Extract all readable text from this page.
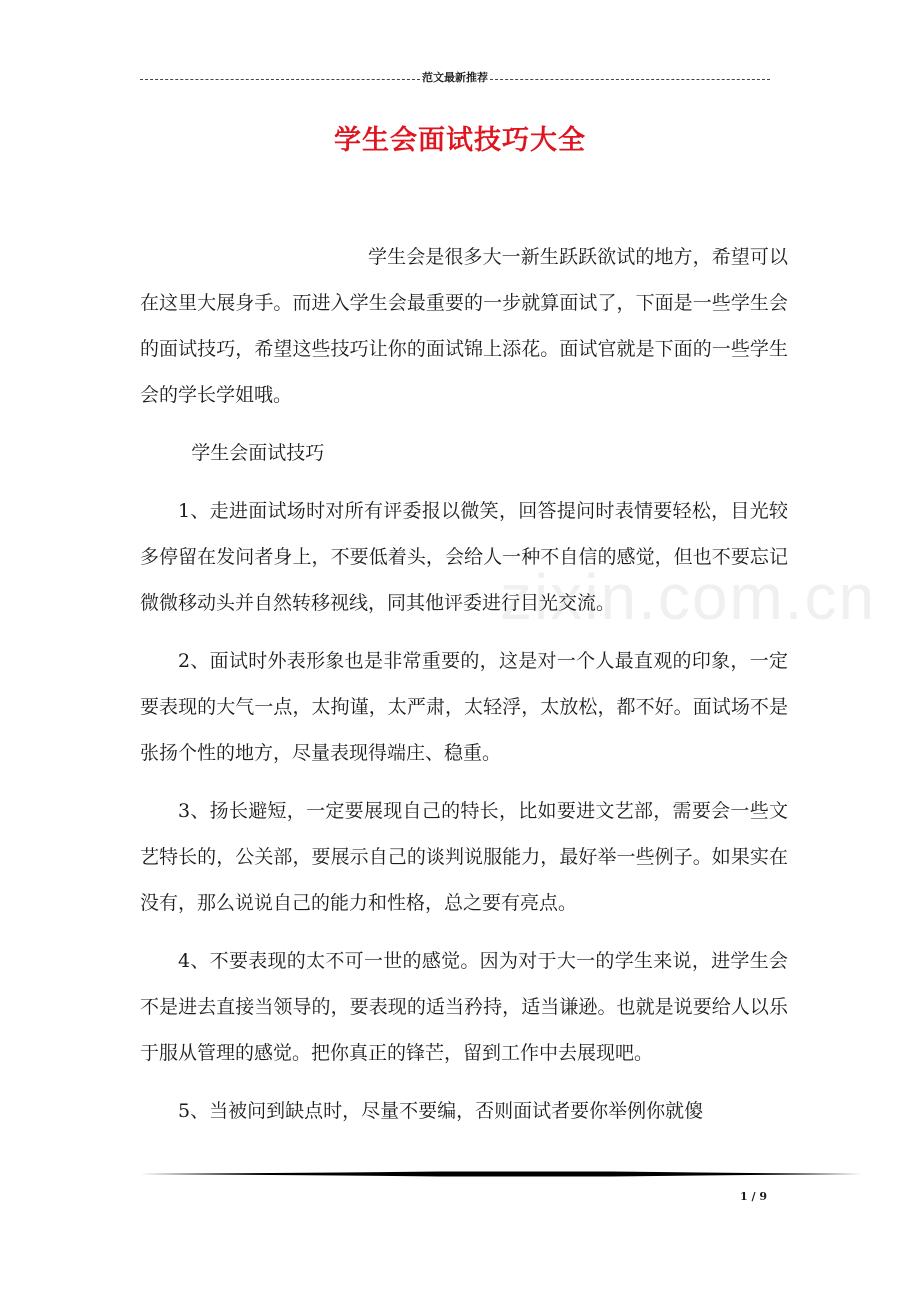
范文最新推荐
学生会面试技巧大全
zixin.com.cn

学生会是很多大一新生跃跃欲试的地方，希望可以在这里大展身手。而进入学生会最重要的一步就算面试了，下面是一些学生会的面试技巧，希望这些技巧让你的面试锦上添花。面试官就是下面的一些学生会的学长学姐哦。

学生会面试技巧

1、走进面试场时对所有评委报以微笑，回答提问时表情要轻松，目光较多停留在发问者身上，不要低着头，会给人一种不自信的感觉，但也不要忘记微微移动头并自然转移视线，同其他评委进行目光交流。

2、面试时外表形象也是非常重要的，这是对一个人最直观的印象，一定要表现的大气一点，太拘谨，太严肃，太轻浮，太放松，都不好。面试场不是张扬个性的地方，尽量表现得端庄、稳重。

3、扬长避短，一定要展现自己的特长，比如要进文艺部，需要会一些文艺特长的，公关部，要展示自己的谈判说服能力，最好举一些例子。如果实在没有，那么说说自己的能力和性格，总之要有亮点。

4、不要表现的太不可一世的感觉。因为对于大一的学生来说，进学生会不是进去直接当领导的，要表现的适当矜持，适当谦逊。也就是说要给人以乐于服从管理的感觉。把你真正的锋芒，留到工作中去展现吧。

5、当被问到缺点时，尽量不要编，否则面试者要你举例你就傻

1 / 9
